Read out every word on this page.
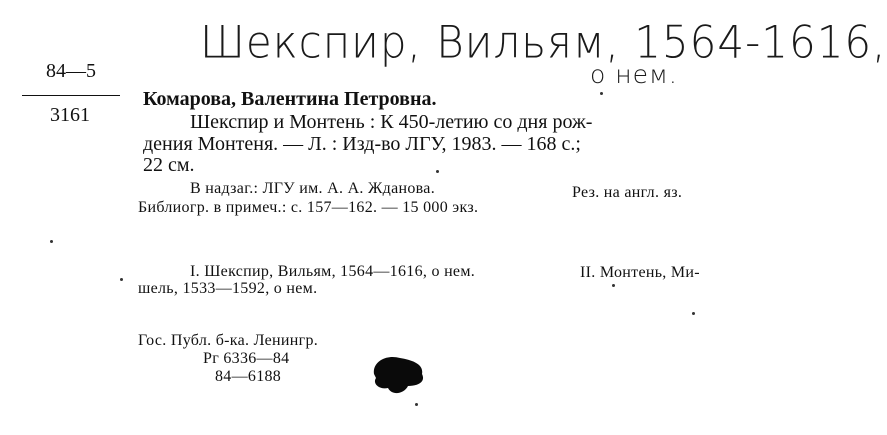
Шекспир, Вильям, 1564-1616,
о нем.
84—5
3161
Комарова, Валентина Петровна.
Шекспир и Монтень : К 450-летию со дня рож-
дения Монтеня. — Л. : Изд-во ЛГУ, 1983. — 168 с.;
22 см.
В надзаг.: ЛГУ им. А. А. Жданова.	Рез. на англ. яз.
Библиогр. в примеч.: с. 157—162. — 15 000 экз.
I. Шекспир, Вильям, 1564—1616, о нем.	II. Монтень, Ми-
шель, 1533—1592, о нем.
Гос. Публ. б-ка. Ленингр.
Рг 6336—84
84—6188
